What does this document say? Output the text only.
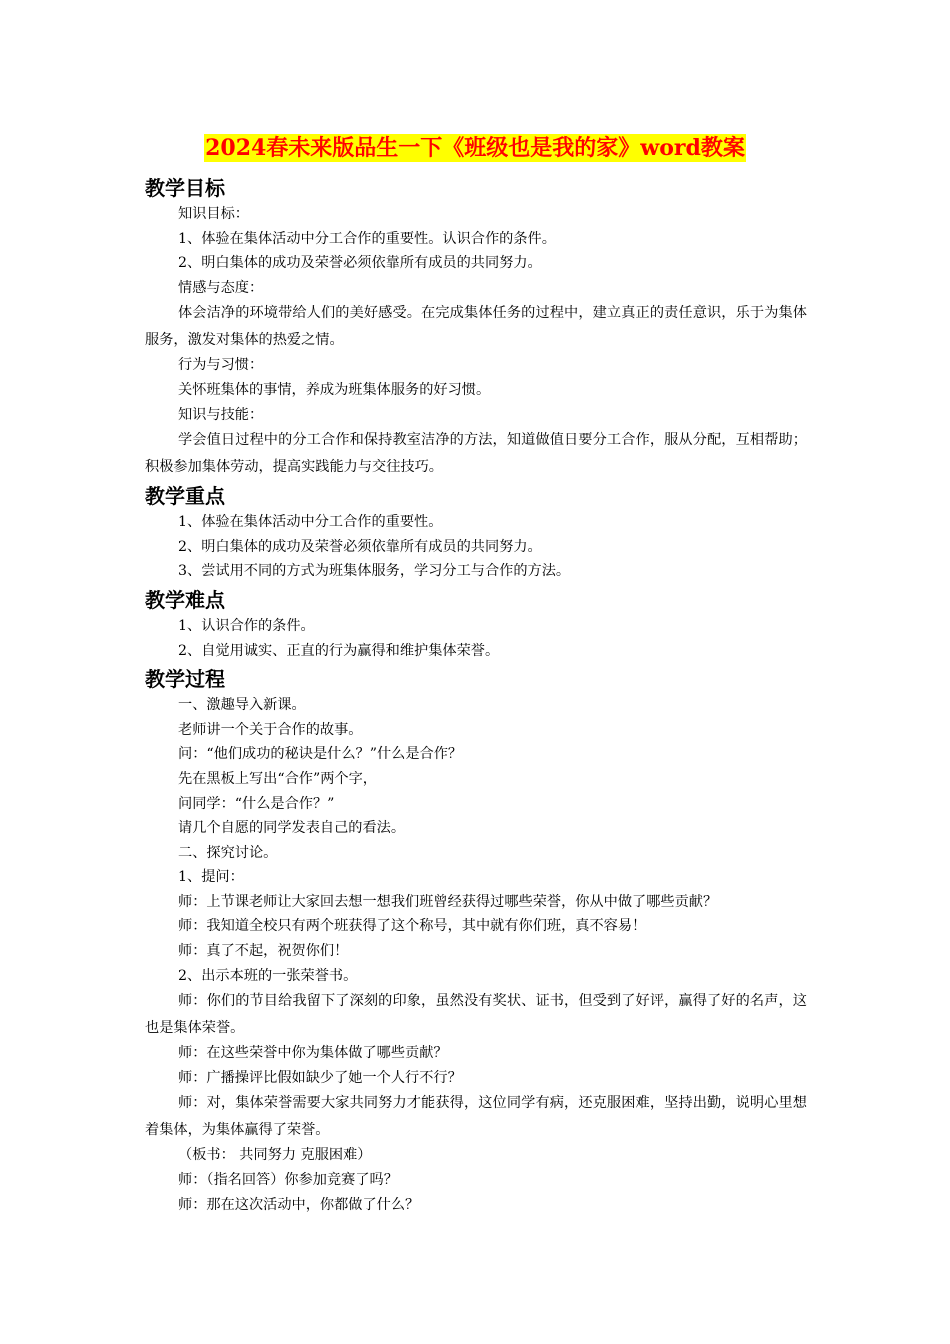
2024春未来版品生一下《班级也是我的家》word教案
教学目标

知识目标：

1、体验在集体活动中分工合作的重要性。认识合作的条件。

2、明白集体的成功及荣誉必须依靠所有成员的共同努力。

情感与态度：

体会洁净的环境带给人们的美好感受。在完成集体任务的过程中，建立真正的责任意识，乐于为集体服务，激发对集体的热爱之情。

行为与习惯：

关怀班集体的事情，养成为班集体服务的好习惯。

知识与技能：

学会值日过程中的分工合作和保持教室洁净的方法，知道做值日要分工合作，服从分配，互相帮助；积极参加集体劳动，提高实践能力与交往技巧。

教学重点

1、体验在集体活动中分工合作的重要性。

2、明白集体的成功及荣誉必须依靠所有成员的共同努力。

3、尝试用不同的方式为班集体服务，学习分工与合作的方法。

教学难点

1、认识合作的条件。

2、自觉用诚实、正直的行为赢得和维护集体荣誉。

教学过程

一、激趣导入新课。

老师讲一个关于合作的故事。

问：“他们成功的秘诀是什么？”什么是合作？

先在黑板上写出“合作”两个字，

问同学：“什么是合作？”

请几个自愿的同学发表自己的看法。

二、探究讨论。

1、提问：

师：上节课老师让大家回去想一想我们班曾经获得过哪些荣誉，你从中做了哪些贡献？

师：我知道全校只有两个班获得了这个称号，其中就有你们班，真不容易！

师：真了不起，祝贺你们！

2、出示本班的一张荣誉书。

师：你们的节目给我留下了深刻的印象，虽然没有奖状、证书，但受到了好评，赢得了好的名声，这也是集体荣誉。

师：在这些荣誉中你为集体做了哪些贡献？

师：广播操评比假如缺少了她一个人行不行？

师：对，集体荣誉需要大家共同努力才能获得，这位同学有病，还克服困难，坚持出勤，说明心里想着集体，为集体赢得了荣誉。

（板书： 共同努力 克服困难）

师：（指名回答）你参加竞赛了吗？

师：那在这次活动中，你都做了什么？
